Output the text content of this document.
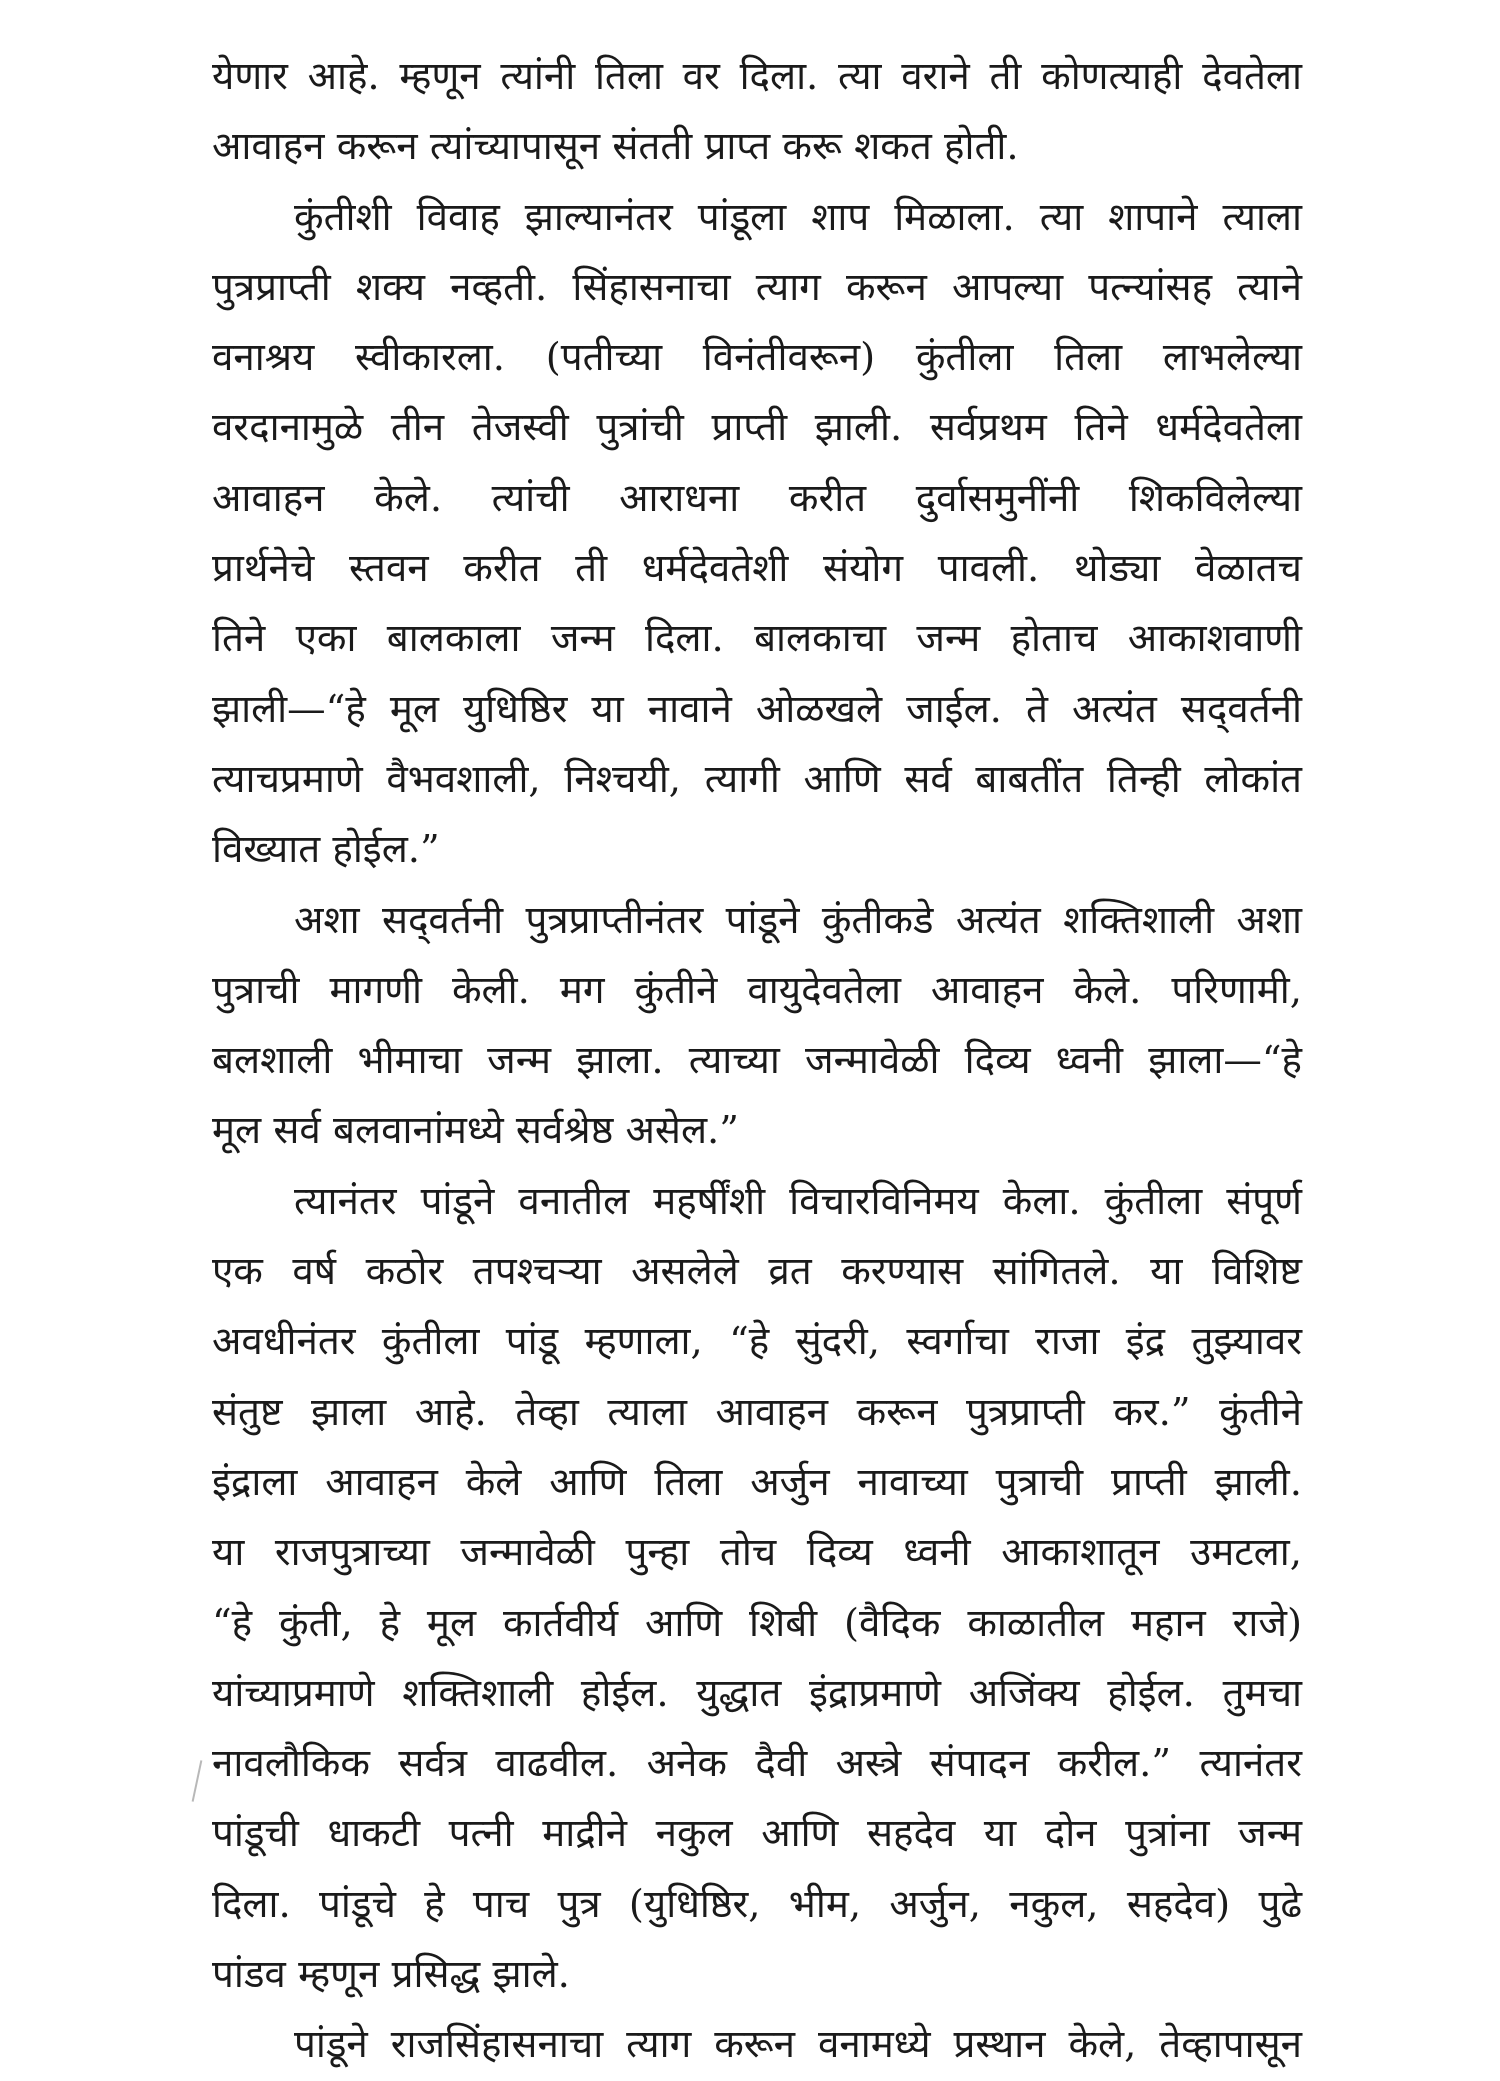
येणार आहे. म्हणून त्यांनी तिला वर दिला. त्या वराने ती कोणत्याही देवतेला
आवाहन करून त्यांच्यापासून संतती प्राप्त करू शकत होती.
कुंतीशी विवाह झाल्यानंतर पांडूला शाप मिळाला. त्या शापाने त्याला
पुत्रप्राप्ती शक्य नव्हती. सिंहासनाचा त्याग करून आपल्या पत्न्यांसह त्याने
वनाश्रय स्वीकारला. (पतीच्या विनंतीवरून) कुंतीला तिला लाभलेल्या
वरदानामुळे तीन तेजस्वी पुत्रांची प्राप्ती झाली. सर्वप्रथम तिने धर्मदेवतेला
आवाहन केले. त्यांची आराधना करीत दुर्वासमुनींनी शिकविलेल्या
प्रार्थनेचे स्तवन करीत ती धर्मदेवतेशी संयोग पावली. थोड्या वेळातच
तिने एका बालकाला जन्म दिला. बालकाचा जन्म होताच आकाशवाणी
झाली—“हे मूल युधिष्ठिर या नावाने ओळखले जाईल. ते अत्यंत सद्‌वर्तनी
त्याचप्रमाणे वैभवशाली, निश्चयी, त्यागी आणि सर्व बाबतींत तिन्ही लोकांत
विख्यात होईल.”
अशा सद्‌वर्तनी पुत्रप्राप्तीनंतर पांडूने कुंतीकडे अत्यंत शक्तिशाली अशा
पुत्राची मागणी केली. मग कुंतीने वायुदेवतेला आवाहन केले. परिणामी,
बलशाली भीमाचा जन्म झाला. त्याच्या जन्मावेळी दिव्य ध्वनी झाला—“हे
मूल सर्व बलवानांमध्ये सर्वश्रेष्ठ असेल.”
त्यानंतर पांडूने वनातील महर्षींशी विचारविनिमय केला. कुंतीला संपूर्ण
एक वर्ष कठोर तपश्चऱ्या असलेले व्रत करण्यास सांगितले. या विशिष्ट
अवधीनंतर कुंतीला पांडू म्हणाला, “हे सुंदरी, स्वर्गाचा राजा इंद्र तुझ्यावर
संतुष्ट झाला आहे. तेव्हा त्याला आवाहन करून पुत्रप्राप्ती कर.” कुंतीने
इंद्राला आवाहन केले आणि तिला अर्जुन नावाच्या पुत्राची प्राप्ती झाली.
या राजपुत्राच्या जन्मावेळी पुन्हा तोच दिव्य ध्वनी आकाशातून उमटला,
“हे कुंती, हे मूल कार्तवीर्य आणि शिबी (वैदिक काळातील महान राजे)
यांच्याप्रमाणे शक्तिशाली होईल. युद्धात इंद्राप्रमाणे अजिंक्य होईल. तुमचा
नावलौकिक सर्वत्र वाढवील. अनेक दैवी अस्त्रे संपादन करील.” त्यानंतर
पांडूची धाकटी पत्नी माद्रीने नकुल आणि सहदेव या दोन पुत्रांना जन्म
दिला. पांडूचे हे पाच पुत्र (युधिष्ठिर, भीम, अर्जुन, नकुल, सहदेव) पुढे
पांडव म्हणून प्रसिद्ध झाले.
पांडूने राजसिंहासनाचा त्याग करून वनामध्ये प्रस्थान केले, तेव्हापासून
